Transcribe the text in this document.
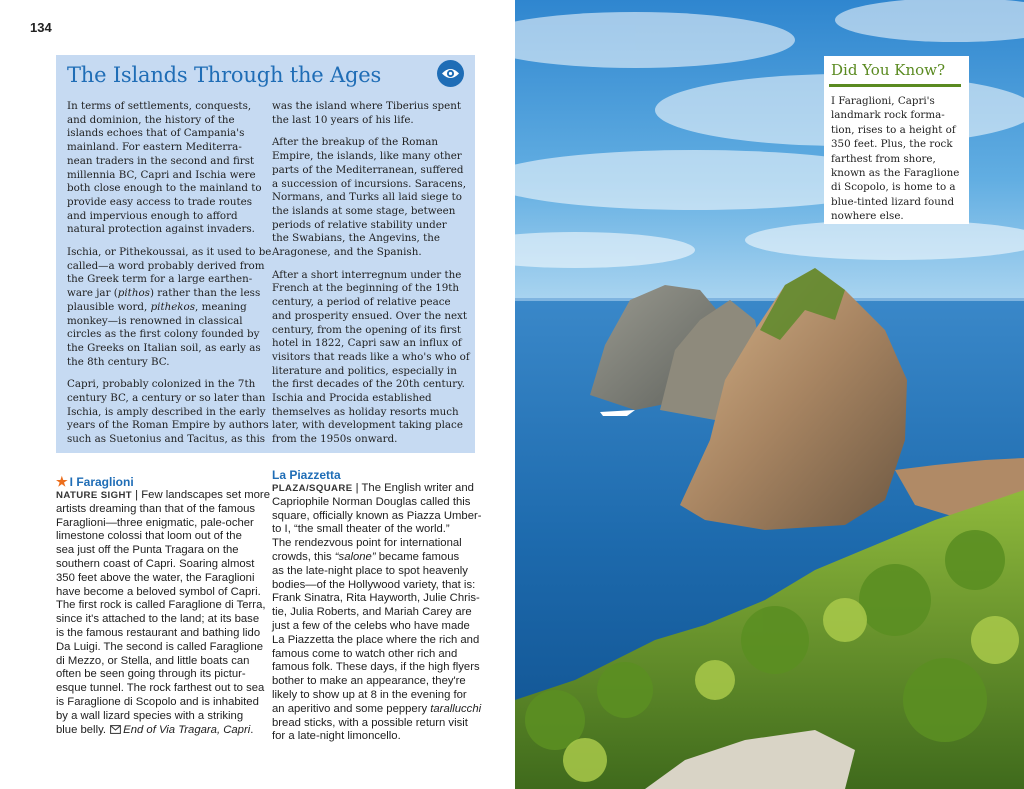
134
The Islands Through the Ages

In terms of settlements, conquests,
and dominion, the history of the
islands echoes that of Campania's
mainland. For eastern Mediterra-
nean traders in the second and first
millennia BC, Capri and Ischia were
both close enough to the mainland to
provide easy access to trade routes
and impervious enough to afford
natural protection against invaders.

Ischia, or Pithekoussai, as it used to be
called—a word probably derived from
the Greek term for a large earthen-
ware jar (pithos) rather than the less
plausible word, pithekos, meaning
monkey—is renowned in classical
circles as the first colony founded by
the Greeks on Italian soil, as early as
the 8th century BC.

Capri, probably colonized in the 7th
century BC, a century or so later than
Ischia, is amply described in the early
years of the Roman Empire by authors
such as Suetonius and Tacitus, as this

was the island where Tiberius spent
the last 10 years of his life.

After the breakup of the Roman
Empire, the islands, like many other
parts of the Mediterranean, suffered
a succession of incursions. Saracens,
Normans, and Turks all laid siege to
the islands at some stage, between
periods of relative stability under
the Swabians, the Angevins, the
Aragonese, and the Spanish.

After a short interregnum under the
French at the beginning of the 19th
century, a period of relative peace
and prosperity ensued. Over the next
century, from the opening of its first
hotel in 1822, Capri saw an influx of
visitors that reads like a who's who of
literature and politics, especially in
the first decades of the 20th century.
Ischia and Procida established
themselves as holiday resorts much
later, with development taking place
from the 1950s onward.

★ I Faraglioni
NATURE SIGHT | Few landscapes set more
artists dreaming than that of the famous
Faraglioni—three enigmatic, pale-ocher
limestone colossi that loom out of the
sea just off the Punta Tragara on the
southern coast of Capri. Soaring almost
350 feet above the water, the Faraglioni
have become a beloved symbol of Capri.
The first rock is called Faraglione di Terra,
since it's attached to the land; at its base
is the famous restaurant and bathing lido
Da Luigi. The second is called Faraglione
di Mezzo, or Stella, and little boats can
often be seen going through its pictur-
esque tunnel. The rock farthest out to sea
is Faraglione di Scopolo and is inhabited
by a wall lizard species with a striking
blue belly. End of Via Tragara, Capri.
La Piazzetta
PLAZA/SQUARE | The English writer and
Capriophile Norman Douglas called this
square, officially known as Piazza Umber-
to I, “the small theater of the world.”
The rendezvous point for international
crowds, this “salone” became famous
as the late-night place to spot heavenly
bodies—of the Hollywood variety, that is:
Frank Sinatra, Rita Hayworth, Julie Chris-
tie, Julia Roberts, and Mariah Carey are
just a few of the celebs who have made
La Piazzetta the place where the rich and
famous come to watch other rich and
famous folk. These days, if the high flyers
bother to make an appearance, they're
likely to show up at 8 in the evening for
an aperitivo and some peppery tarallucchi
bread sticks, with a possible return visit
for a late-night limoncello.
Did You Know?
I Faraglioni, Capri's
landmark rock forma-
tion, rises to a height of
350 feet. Plus, the rock
farthest from shore,
known as the Faraglione
di Scopolo, is home to a
blue-tinted lizard found
nowhere else.
